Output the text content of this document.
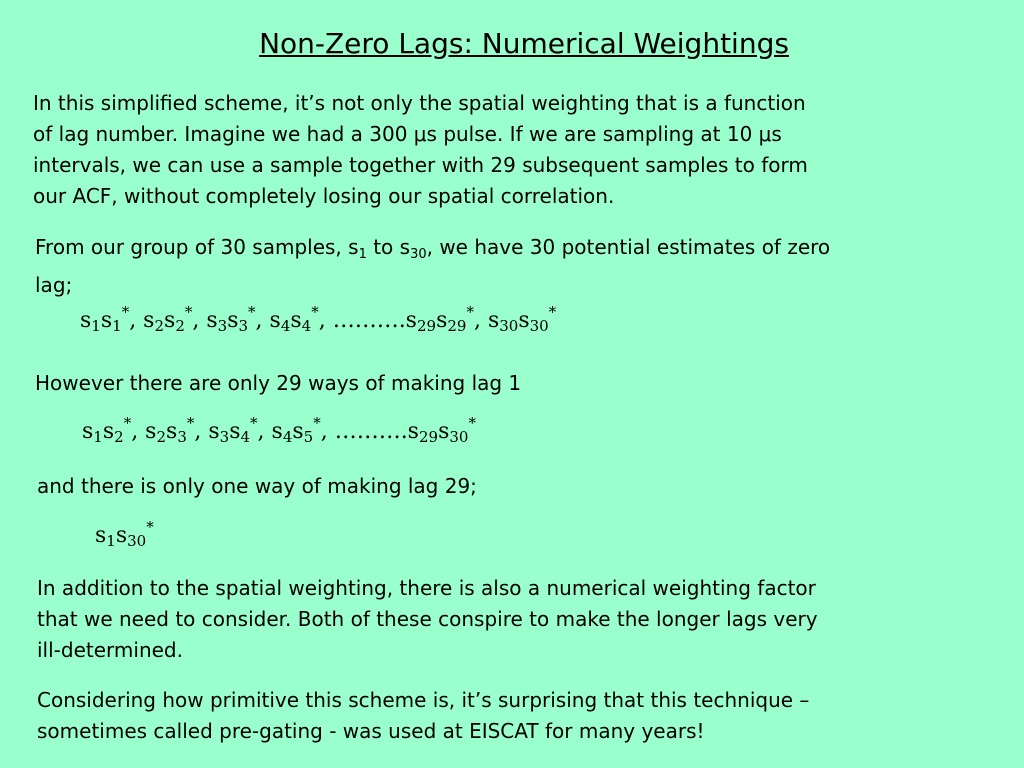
Non-Zero Lags: Numerical Weightings
In this simplified scheme, it’s not only the spatial weighting that is a function
of lag number. Imagine we had a 300 μs pulse. If we are sampling at 10 μs
intervals, we can use a sample together with 29 subsequent samples to form
our ACF, without completely losing our spatial correlation.
From our group of 30 samples, $s_1$ to $s_{30}$, we have 30 potential estimates of zero
lag;
$s_1s_1^*$, $s_2s_2^*$, $s_3s_3^*$, $s_4s_4^*$, $\dots\dots\dots.s_{29}s_{29}^*$, $s_{30}s_{30}^*$
However there are only 29 ways of making lag 1
$s_1s_2^*$, $s_2s_3^*$, $s_3s_4^*$, $s_4s_5^*$, $\dots\dots\dots.s_{29}s_{30}^*$
and there is only one way of making lag 29;
$s_1s_{30}^*$
In addition to the spatial weighting, there is also a numerical weighting factor
that we need to consider. Both of these conspire to make the longer lags very
ill-determined.
Considering how primitive this scheme is, it’s surprising that this technique –
sometimes called pre-gating - was used at EISCAT for many years!
